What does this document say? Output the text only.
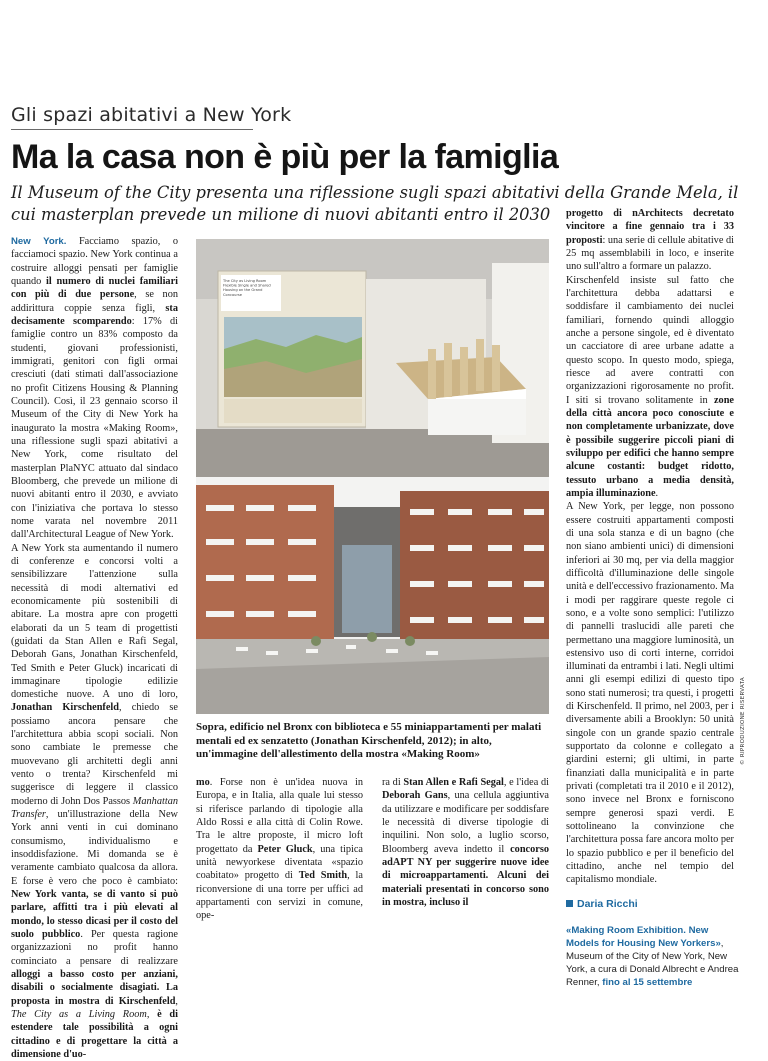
Gli spazi abitativi a New York
Ma la casa non è più per la famiglia
Il Museum of the City presenta una riflessione sugli spazi abitativi della Grande Mela, il cui masterplan prevede un milione di nuovi abitanti entro il 2030

New York. Facciamo spazio, o facciamoci spazio. New York continua a costruire alloggi pensati per famiglie quando il numero di nuclei familiari con più di due persone, se non addirittura coppie senza figli, sta decisamente scomparendo: 17% di famiglie contro un 83% composto da studenti, giovani professionisti, immigrati, genitori con figli ormai cresciuti (dati stimati dall'associazione no profit Citizens Housing & Planning Council). Così, il 23 gennaio scorso il Museum of the City di New York ha inaugurato la mostra «Making Room», una riflessione sugli spazi abitativi a New York, come risultato del masterplan PlaNYC attuato dal sindaco Bloomberg, che prevede un milione di nuovi abitanti entro il 2030, e avviato con l'iniziativa che portava lo stesso nome varata nel novembre 2011 dall'Architectural League of New York.
A New York sta aumentando il numero di conferenze e concorsi volti a sensibilizzare l'attenzione sulla necessità di modi alternativi ed economicamente più sostenibili di abitare. La mostra apre con progetti elaborati da un 5 team di progettisti (guidati da Stan Allen e Rafi Segal, Deborah Gans, Jonathan Kirschenfeld, Ted Smith e Peter Gluck) incaricati di immaginare tipologie edilizie domestiche nuove. A uno di loro, Jonathan Kirschenfeld, chiedo se possiamo ancora pensare che l'architettura abbia scopi sociali. Non sono cambiate le premesse che muovevano gli architetti degli anni vento o trenta? Kirschenfeld mi suggerisce di leggere il classico moderno di John Dos Passos Manhattan Transfer, un'illustrazione della New York anni venti in cui dominano consumismo, individualismo e insoddisfazione. Mi domanda se è veramente cambiato qualcosa da allora. E forse è vero che poco è cambiato: New York vanta, se di vanto si può parlare, affitti tra i più elevati al mondo, lo stesso dicasi per il costo del suolo pubblico. Per questa ragione organizzazioni no profit hanno cominciato a pensare di realizzare alloggi a basso costo per anziani, disabili o socialmente disagiati. La proposta in mostra di Kirschenfeld, The City as a Living Room, è di estendere tale possibilità a ogni cittadino e di progettare la città a dimensione d'uo-

The City as Living Room Flexible Single and Shared Housing on the Grand Concourse
Sopra, edificio nel Bronx con biblioteca e 55 miniappartamenti per malati mentali ed ex senzatetto (Jonathan Kirschenfeld, 2012); in alto, un'immagine dell'allestimento della mostra «Making Room»

mo. Forse non è un'idea nuova in Europa, e in Italia, alla quale lui stesso si riferisce parlando di tipologie alla Aldo Rossi e alla città di Colin Rowe. Tra le altre proposte, il micro loft progettato da Peter Gluck, una tipica unità newyorkese diventata «spazio coabitato» progetto di Ted Smith, la riconversione di una torre per uffici ad appartamenti con servizi in comune, ope-

ra di Stan Allen e Rafi Segal, e l'idea di Deborah Gans, una cellula aggiuntiva da utilizzare e modificare per soddisfare le necessità di diverse tipologie di inquilini. Non solo, a luglio scorso, Bloomberg aveva indetto il concorso adAPT NY per suggerire nuove idee di microappartamenti. Alcuni dei materiali presentati in concorso sono in mostra, incluso il

progetto di nArchitects decretato vincitore a fine gennaio tra i 33 proposti: una serie di cellule abitative di 25 mq assemblabili in loco, e inserite uno sull'altro a formare un palazzo.
Kirschenfeld insiste sul fatto che l'architettura debba adattarsi e soddisfare il cambiamento dei nuclei familiari, fornendo quindi alloggio anche a persone singole, ed è diventato un cacciatore di aree urbane adatte a questo scopo. In questo modo, spiega, riesce ad avere contratti con organizzazioni rigorosamente no profit. I siti si trovano solitamente in zone della città ancora poco conosciute e non completamente urbanizzate, dove è possibile suggerire piccoli piani di sviluppo per edifici che hanno sempre alcune costanti: budget ridotto, tessuto urbano a media densità, ampia illuminazione.
A New York, per legge, non possono essere costruiti appartamenti composti di una sola stanza e di un bagno (che non siano ambienti unici) di dimensioni inferiori ai 30 mq, per via della maggior difficoltà d'illuminazione delle singole unità e dell'eccessivo frazionamento. Ma i modi per raggirare queste regole ci sono, e a volte sono semplici: l'utilizzo di pannelli traslucidi alle pareti che permettano una maggiore luminosità, un estensivo uso di corti interne, corridoi illuminati da entrambi i lati. Negli ultimi anni gli esempi edilizi di questo tipo sono stati numerosi; tra questi, i progetti di Kirschenfeld. Il primo, nel 2003, per i diversamente abili a Brooklyn: 50 unità singole con un grande spazio centrale supportato da colonne e collegato a giardini esterni; gli ultimi, in parte finanziati dalla municipalità e in parte privati (completati tra il 2010 e il 2012), sono invece nel Bronx e forniscono sempre generosi spazi verdi. E sottolineano la convinzione che l'architettura possa fare ancora molto per lo spazio pubblico e per il beneficio del cittadino, anche nel tempio del capitalismo mondiale.

Daria Ricchi
«Making Room Exhibition. New Models for Housing New Yorkers», Museum of the City of New York, New York, a cura di Donald Albrecht e Andrea Renner, fino al 15 settembre
© RIPRODUZIONE RISERVATA
